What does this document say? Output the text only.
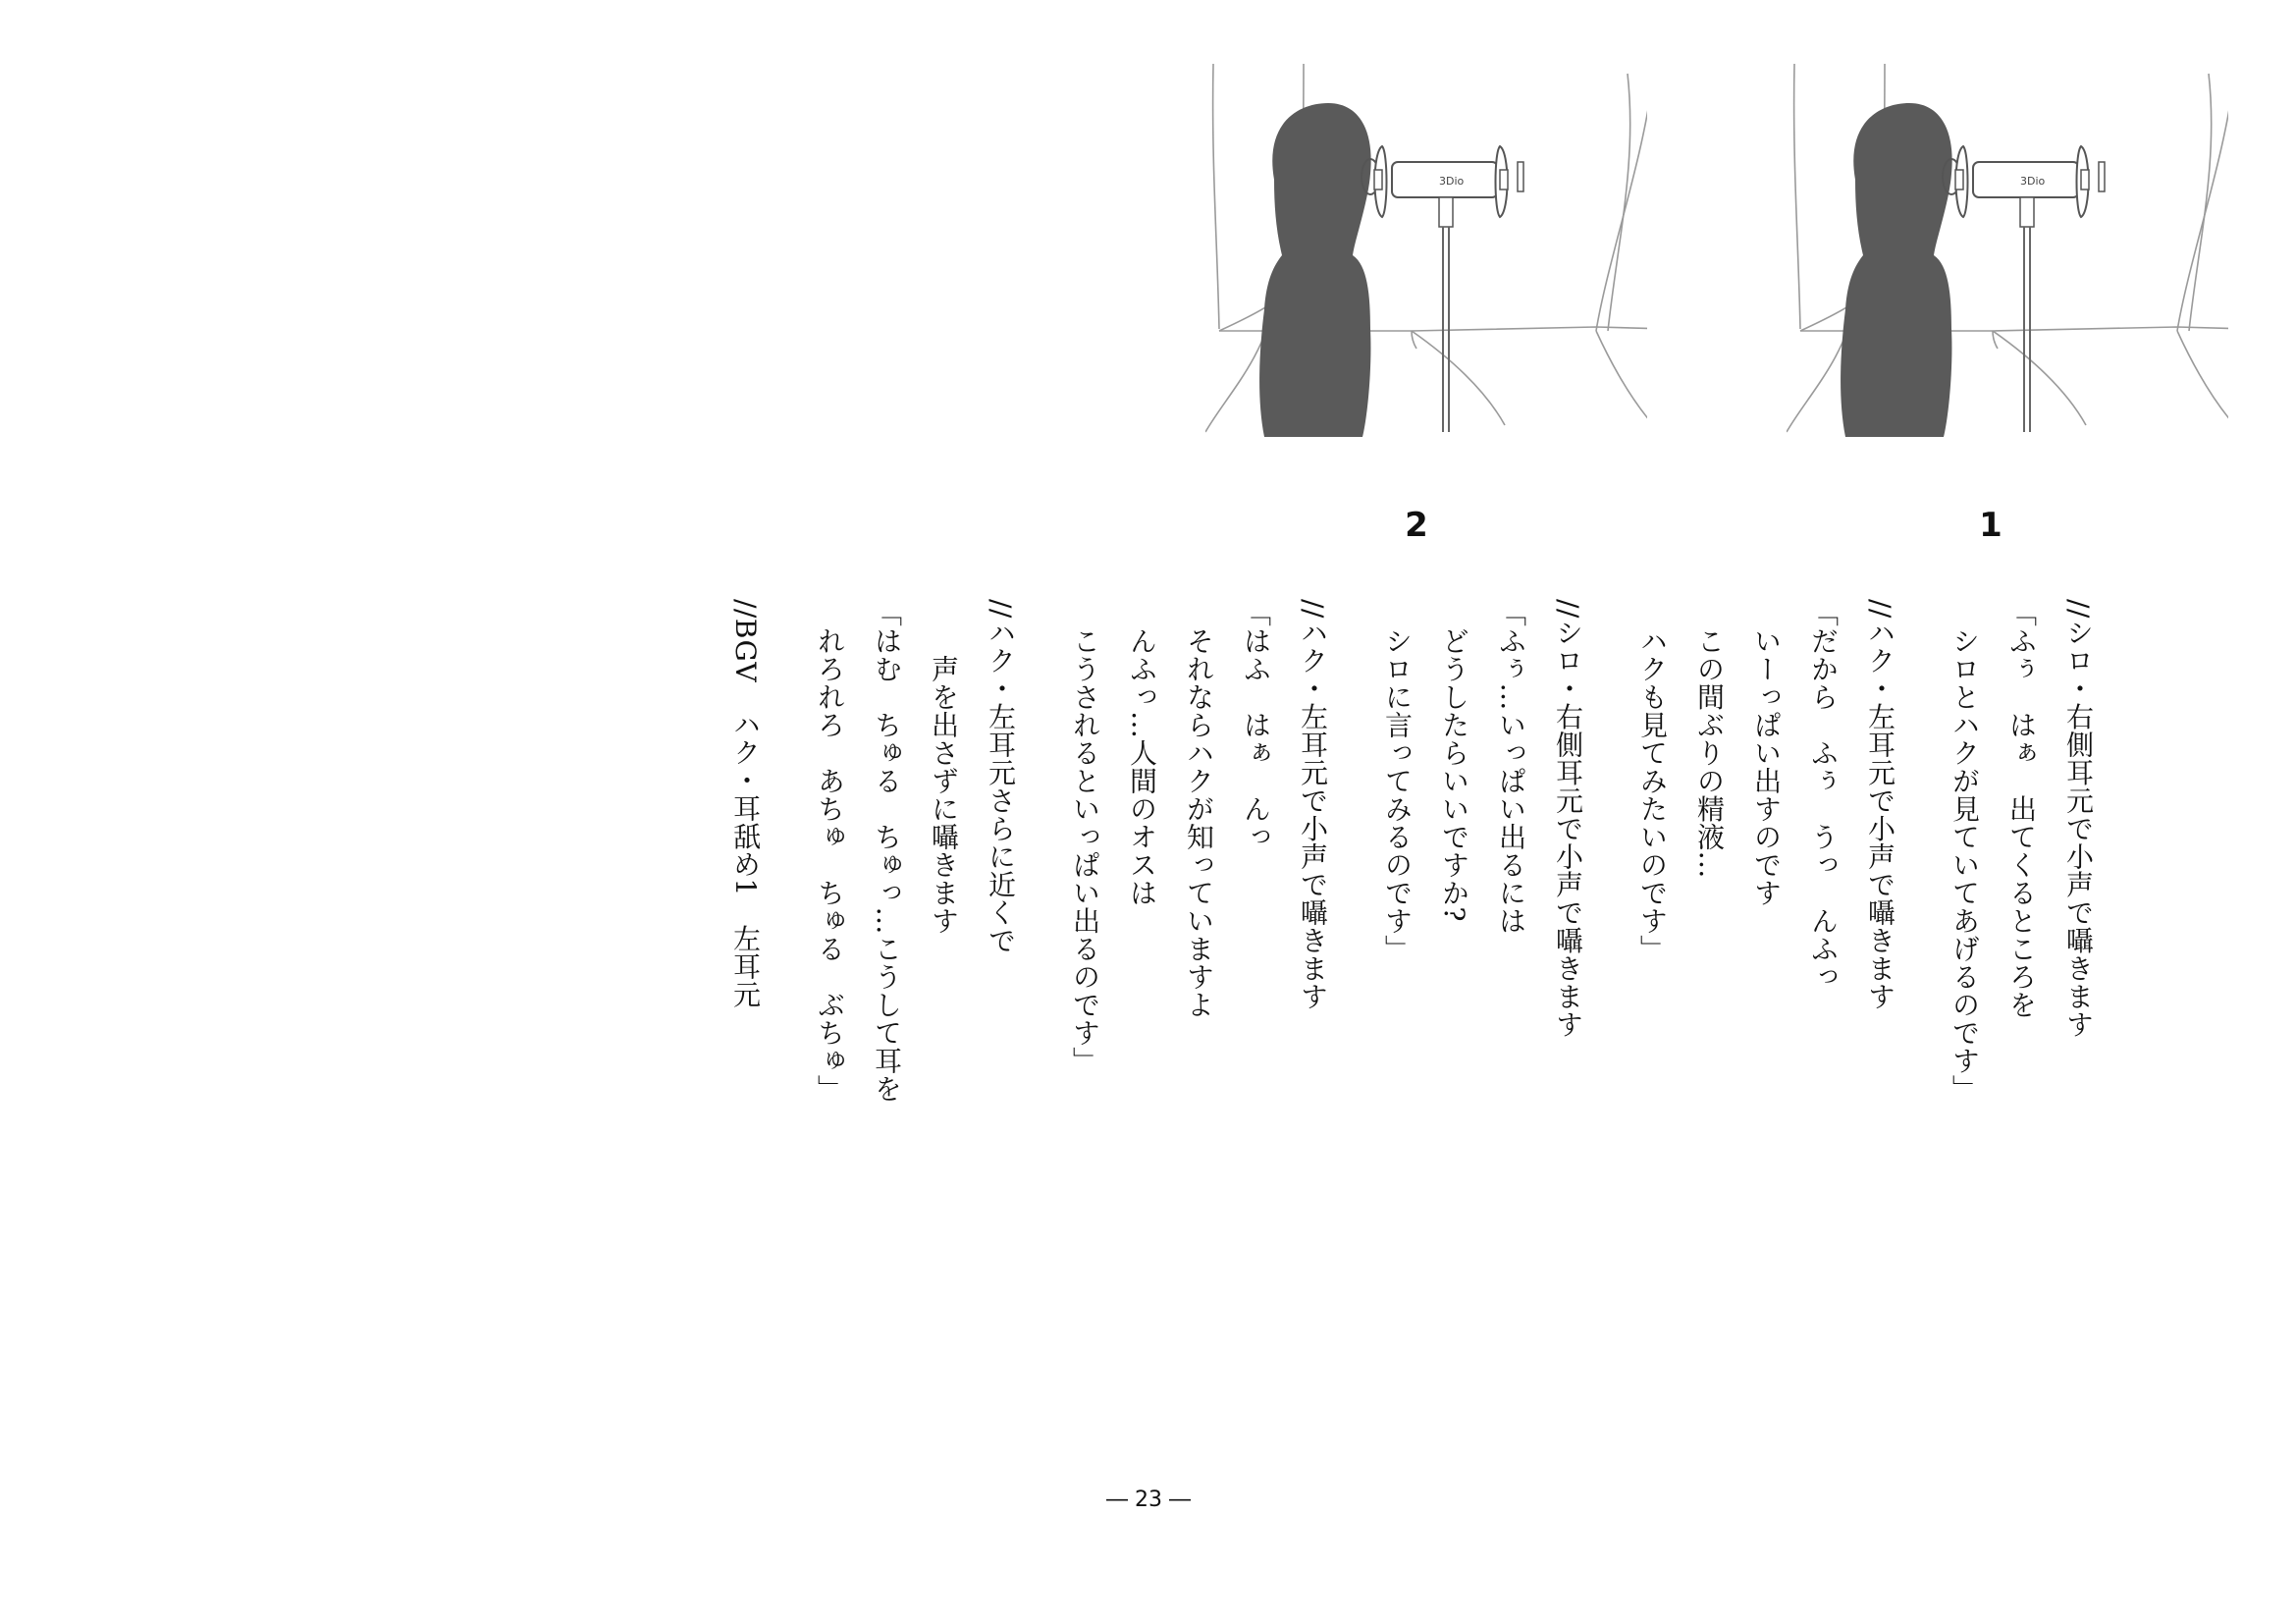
3Dio
3Dio
1
2
//シロ・右側耳元で小声で囁きます
「ふぅ　はぁ　出てくるところを
　シロとハクが見ていてあげるのです」
//ハク・左耳元で小声で囁きます
「だから　ふぅ　うっ　んふっ
　いーっぱい出すのです
　この間ぶりの精液…
　ハクも見てみたいのです」
//シロ・右側耳元で小声で囁きます
「ふぅ…いっぱい出るには
　どうしたらいいですか?
　シロに言ってみるのです」
//ハク・左耳元で小声で囁きます
「はふ　はぁ　んっ
　それならハクが知っていますよ
　んふっ…人間のオスは
　こうされるといっぱい出るのです」
//ハク・左耳元さらに近くで
　　声を出さずに囁きます
「はむ　ちゅる　ちゅっ…こうして耳を
　れろれろ　あちゅ　ちゅる　ぶちゅ」
//BGV　ハク・耳舐め1　左耳元
― 23 ―
